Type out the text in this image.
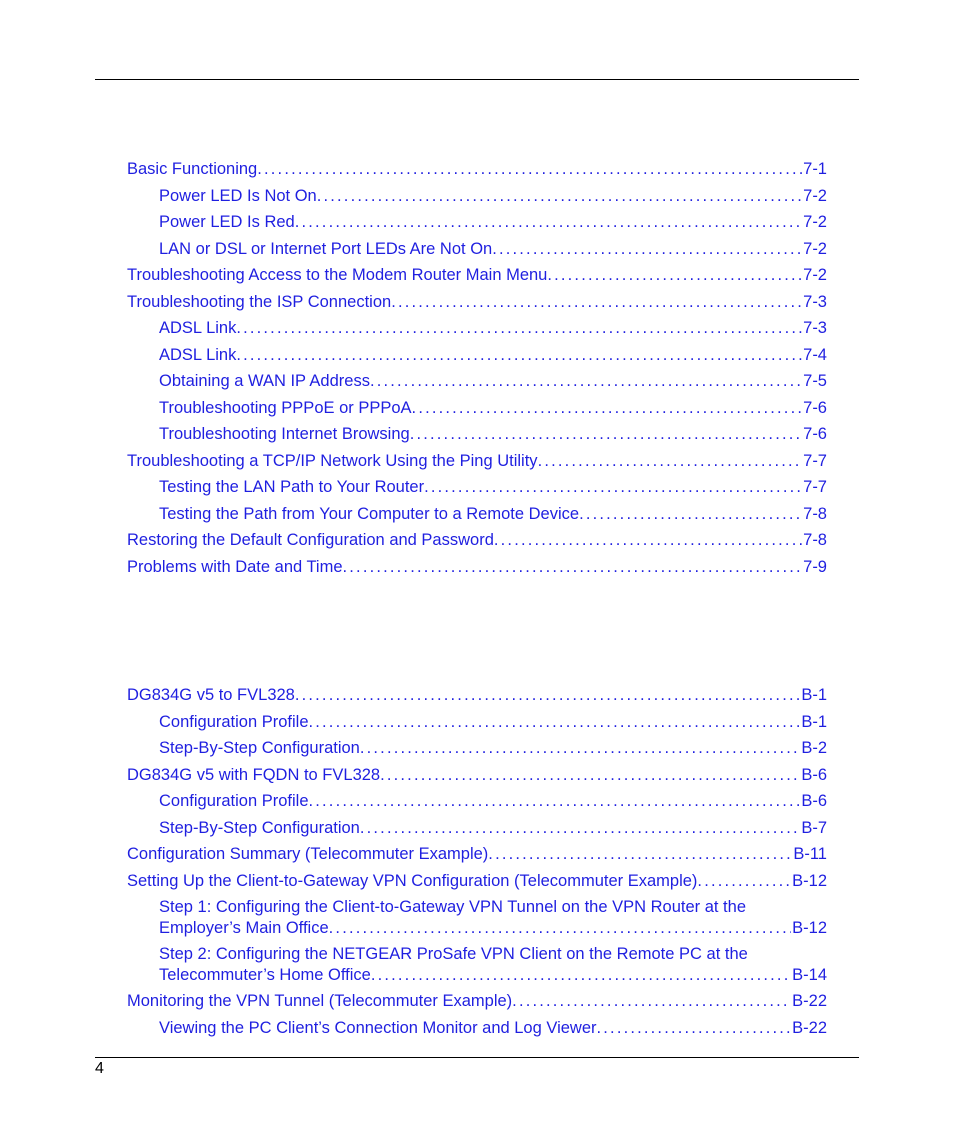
Basic Functioning . . .	7-1
Power LED Is Not On . . .	7-2
Power LED Is Red . . .	7-2
LAN or DSL or Internet Port LEDs Are Not On . . .	7-2
Troubleshooting Access to the Modem Router Main Menu . . .	7-2
Troubleshooting the ISP Connection . . .	7-3
ADSL Link . . .	7-3
ADSL Link . . .	7-4
Obtaining a WAN IP Address . . .	7-5
Troubleshooting PPPoE or PPPoA . . .	7-6
Troubleshooting Internet Browsing . . .	7-6
Troubleshooting a TCP/IP Network Using the Ping Utility . . .	7-7
Testing the LAN Path to Your Router . . .	7-7
Testing the Path from Your Computer to a Remote Device . . .	7-8
Restoring the Default Configuration and Password . . .	7-8
Problems with Date and Time . . .	7-9
DG834G v5 to FVL328 . . .	B-1
Configuration Profile . . .	B-1
Step-By-Step Configuration . . .	B-2
DG834G v5 with FQDN to FVL328 . . .	B-6
Configuration Profile . . .	B-6
Step-By-Step Configuration . . .	B-7
Configuration Summary (Telecommuter Example) . . .	B-11
Setting Up the Client-to-Gateway VPN Configuration (Telecommuter Example) . . .	B-12
Step 1: Configuring the Client-to-Gateway VPN Tunnel on the VPN Router at the
Employer’s Main Office . . .	B-12
Step 2: Configuring the NETGEAR ProSafe VPN Client on the Remote PC at the
Telecommuter’s Home Office . . .	B-14
Monitoring the VPN Tunnel (Telecommuter Example) . . .	B-22
Viewing the PC Client’s Connection Monitor and Log Viewer . . .	B-22
4
